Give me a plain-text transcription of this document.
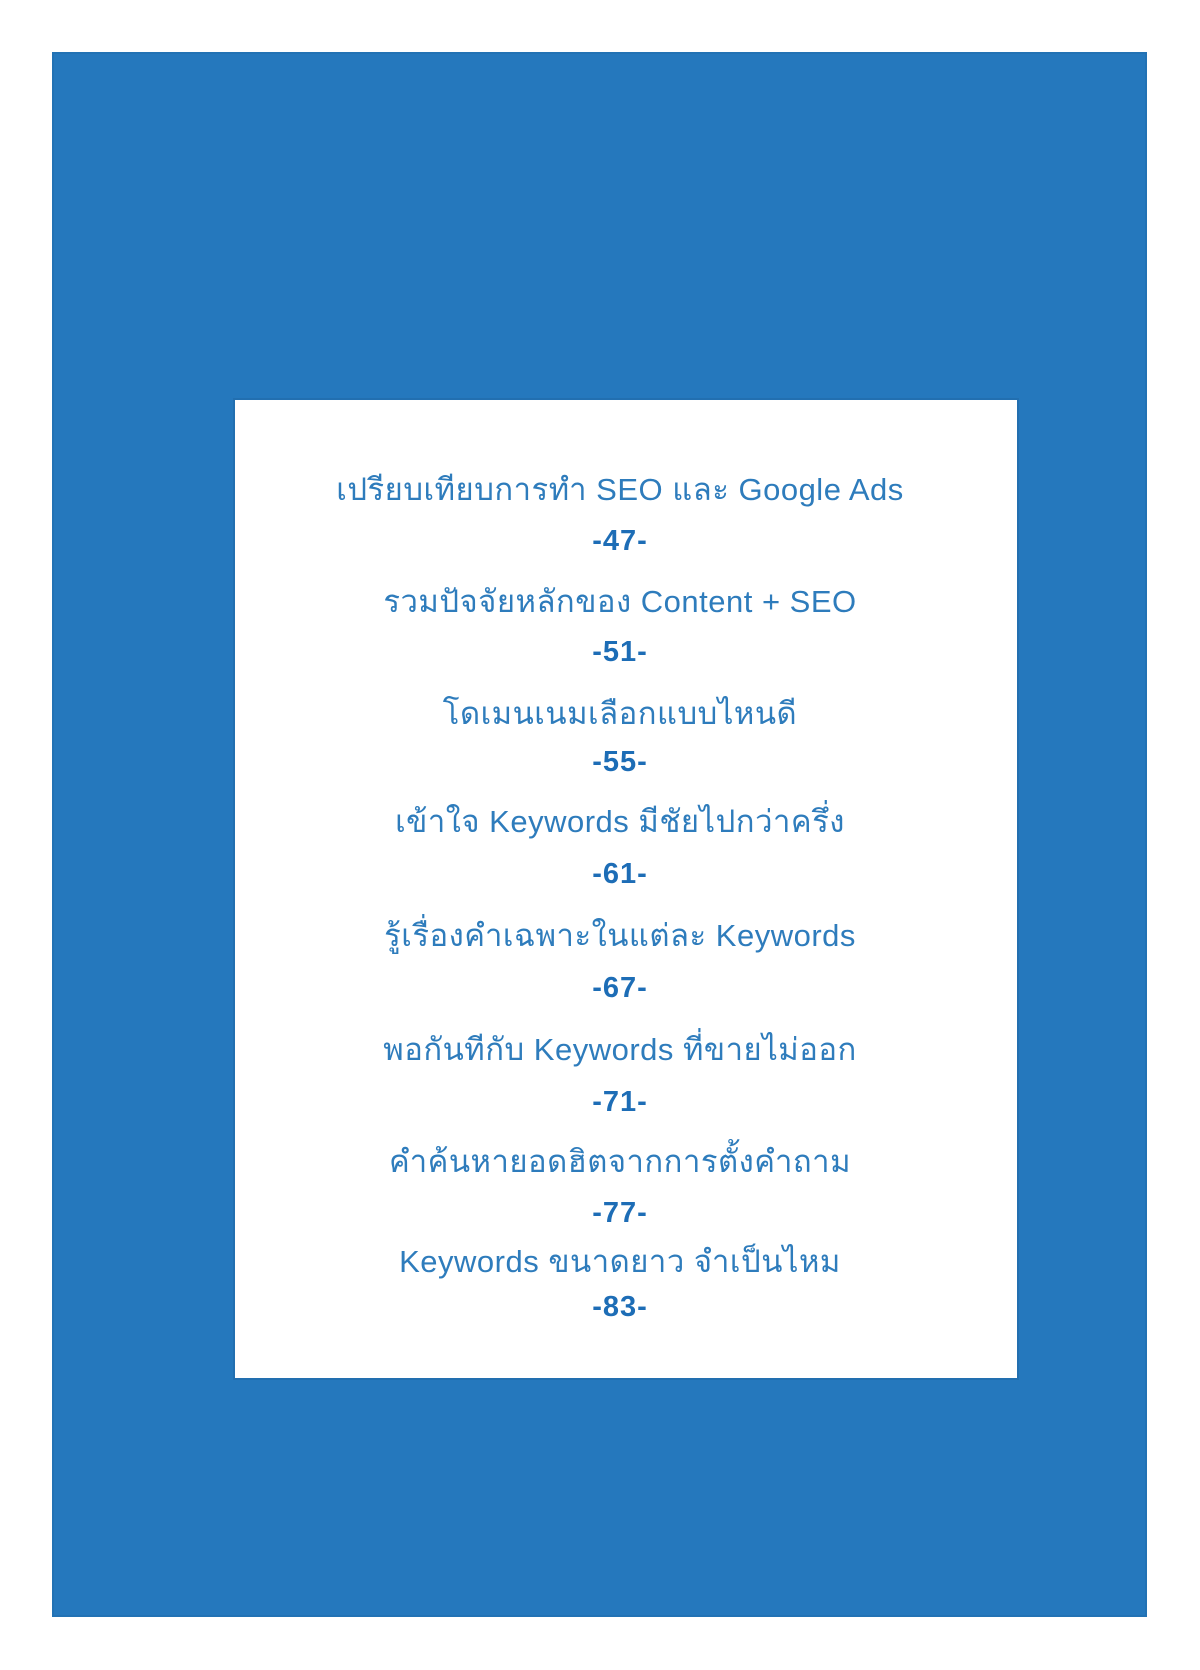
เปรียบเทียบการทำ SEO และ Google Ads
-47-
รวมปัจจัยหลักของ Content + SEO
-51-
โดเมนเนมเลือกแบบไหนดี
-55-
เข้าใจ Keywords มีชัยไปกว่าครึ่ง
-61-
รู้เรื่องคำเฉพาะในแต่ละ Keywords
-67-
พอกันทีกับ Keywords ที่ขายไม่ออก
-71-
คำค้นหายอดฮิตจากการตั้งคำถาม
-77-
Keywords ขนาดยาว จำเป็นไหม
-83-
